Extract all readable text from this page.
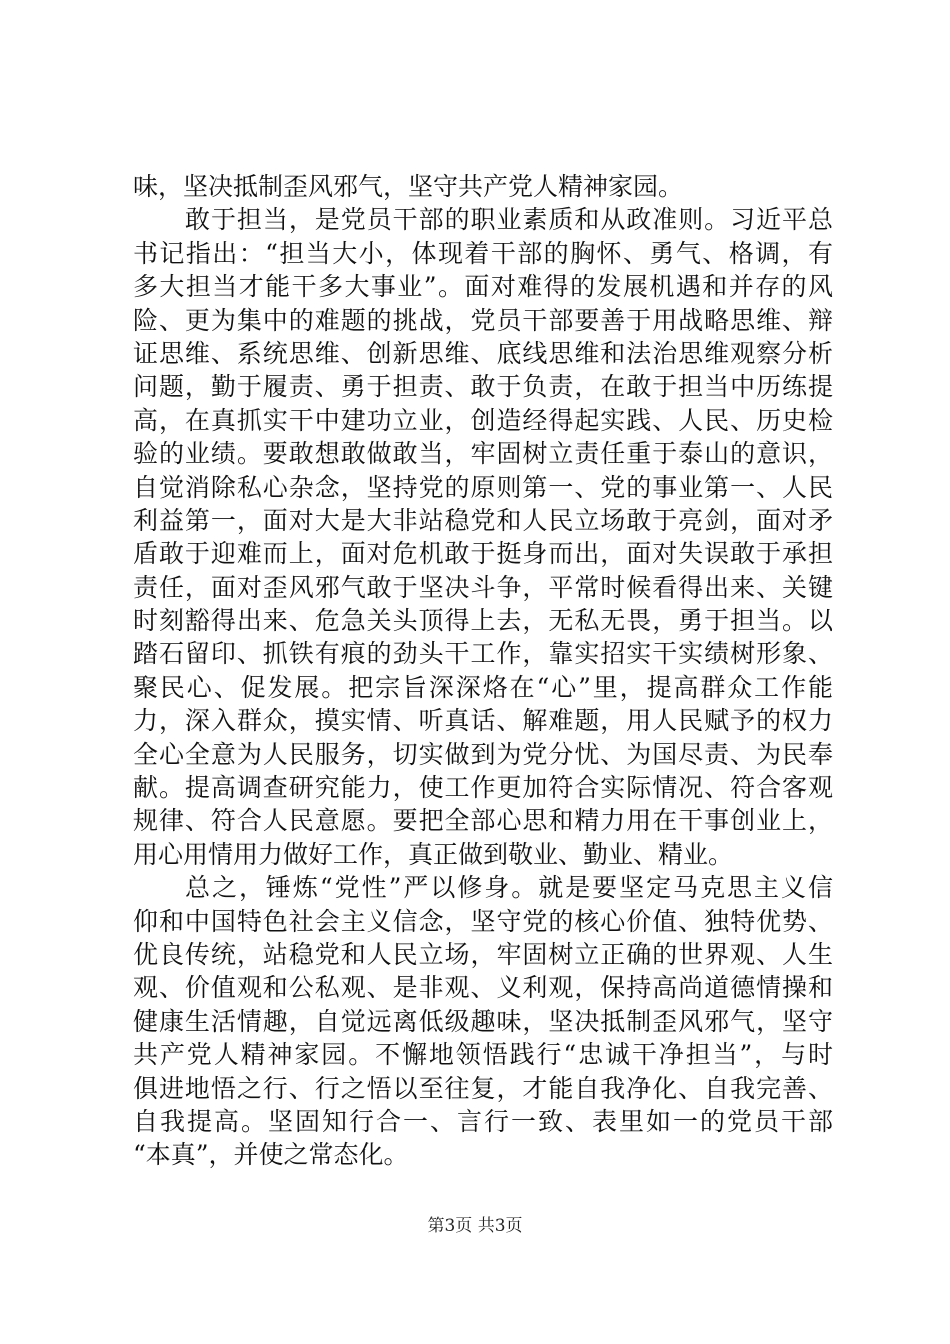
味，坚决抵制歪风邪气，坚守共产党人精神家园。
敢于担当，是党员干部的职业素质和从政准则。习近平总
书记指出：“担当大小，体现着干部的胸怀、勇气、格调，有
多大担当才能干多大事业”。面对难得的发展机遇和并存的风
险、更为集中的难题的挑战，党员干部要善于用战略思维、辩
证思维、系统思维、创新思维、底线思维和法治思维观察分析
问题，勤于履责、勇于担责、敢于负责，在敢于担当中历练提
高，在真抓实干中建功立业，创造经得起实践、人民、历史检
验的业绩。要敢想敢做敢当，牢固树立责任重于泰山的意识，
自觉消除私心杂念，坚持党的原则第一、党的事业第一、人民
利益第一，面对大是大非站稳党和人民立场敢于亮剑，面对矛
盾敢于迎难而上，面对危机敢于挺身而出，面对失误敢于承担
责任，面对歪风邪气敢于坚决斗争，平常时候看得出来、关键
时刻豁得出来、危急关头顶得上去，无私无畏，勇于担当。以
踏石留印、抓铁有痕的劲头干工作，靠实招实干实绩树形象、
聚民心、促发展。把宗旨深深烙在“心”里，提高群众工作能
力，深入群众，摸实情、听真话、解难题，用人民赋予的权力
全心全意为人民服务，切实做到为党分忧、为国尽责、为民奉
献。提高调查研究能力，使工作更加符合实际情况、符合客观
规律、符合人民意愿。要把全部心思和精力用在干事创业上，
用心用情用力做好工作，真正做到敬业、勤业、精业。
总之，锤炼“党性”严以修身。就是要坚定马克思主义信
仰和中国特色社会主义信念，坚守党的核心价值、独特优势、
优良传统，站稳党和人民立场，牢固树立正确的世界观、人生
观、价值观和公私观、是非观、义利观，保持高尚道德情操和
健康生活情趣，自觉远离低级趣味，坚决抵制歪风邪气，坚守
共产党人精神家园。不懈地领悟践行“忠诚干净担当”，与时
俱进地悟之行、行之悟以至往复，才能自我净化、自我完善、
自我提高。坚固知行合一、言行一致、表里如一的党员干部
“本真”，并使之常态化。
第3页 共3页
